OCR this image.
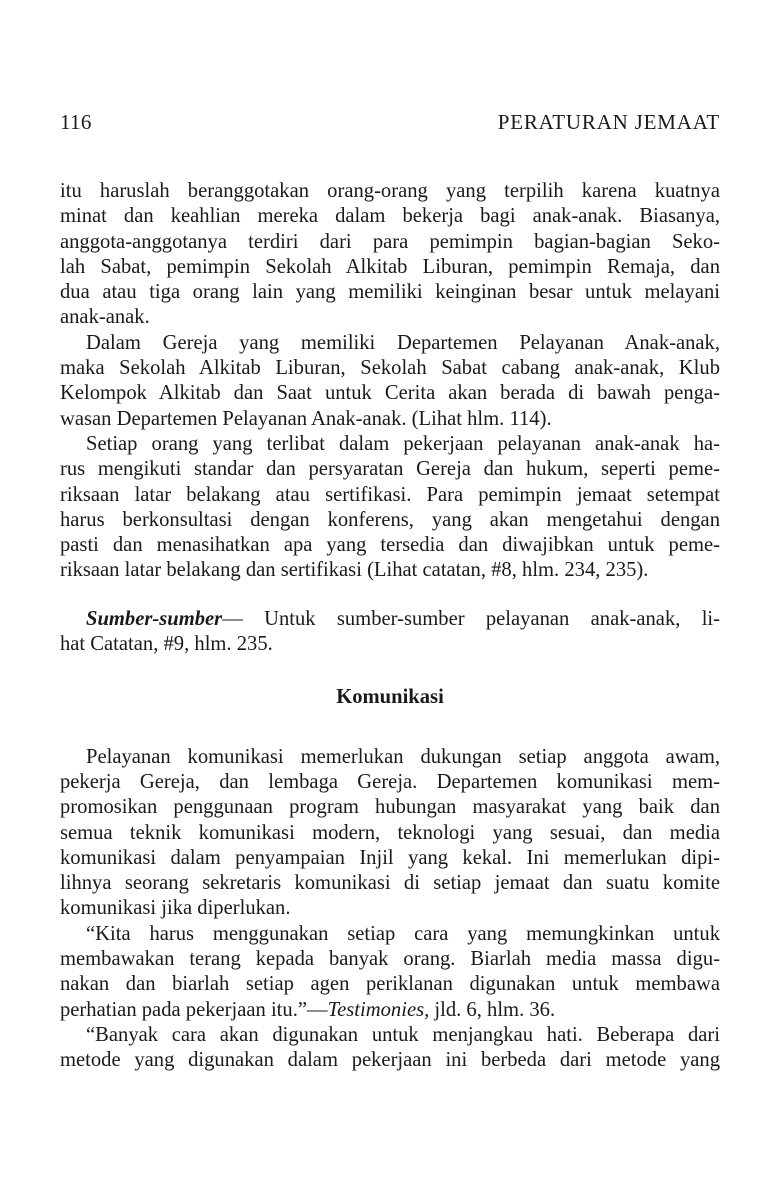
116	PERATURAN JEMAAT

itu haruslah beranggotakan orang-orang yang terpilih karena kuatnya
minat dan keahlian mereka dalam bekerja bagi anak-anak. Biasanya,
anggota-anggotanya terdiri dari para pemimpin bagian-bagian Seko-
lah Sabat, pemimpin Sekolah Alkitab Liburan, pemimpin Remaja, dan
dua atau tiga orang lain yang memiliki keinginan besar untuk melayani
anak-anak.

Dalam Gereja yang memiliki Departemen Pelayanan Anak-anak,
maka Sekolah Alkitab Liburan, Sekolah Sabat cabang anak-anak, Klub
Kelompok Alkitab dan Saat untuk Cerita akan berada di bawah penga-
wasan Departemen Pelayanan Anak-anak. (Lihat hlm. 114).

Setiap orang yang terlibat dalam pekerjaan pelayanan anak-anak ha-
rus mengikuti standar dan persyaratan Gereja dan hukum, seperti peme-
riksaan latar belakang atau sertifikasi. Para pemimpin jemaat setempat
harus berkonsultasi dengan konferens, yang akan mengetahui dengan
pasti dan menasihatkan apa yang tersedia dan diwajibkan untuk peme-
riksaan latar belakang dan sertifikasi (Lihat catatan, #8, hlm. 234, 235).

Sumber-sumber— Untuk sumber-sumber pelayanan anak-anak, li-
hat Catatan, #9, hlm. 235.

Komunikasi

Pelayanan komunikasi memerlukan dukungan setiap anggota awam,
pekerja Gereja, dan lembaga Gereja. Departemen komunikasi mem-
promosikan penggunaan program hubungan masyarakat yang baik dan
semua teknik komunikasi modern, teknologi yang sesuai, dan media
komunikasi dalam penyampaian Injil yang kekal. Ini memerlukan dipi-
lihnya seorang sekretaris komunikasi di setiap jemaat dan suatu komite
komunikasi jika diperlukan.

“Kita harus menggunakan setiap cara yang memungkinkan untuk
membawakan terang kepada banyak orang. Biarlah media massa digu-
nakan dan biarlah setiap agen periklanan digunakan untuk membawa
perhatian pada pekerjaan itu.”—Testimonies, jld. 6, hlm. 36.

“Banyak cara akan digunakan untuk menjangkau hati. Beberapa dari
metode yang digunakan dalam pekerjaan ini berbeda dari metode yang
